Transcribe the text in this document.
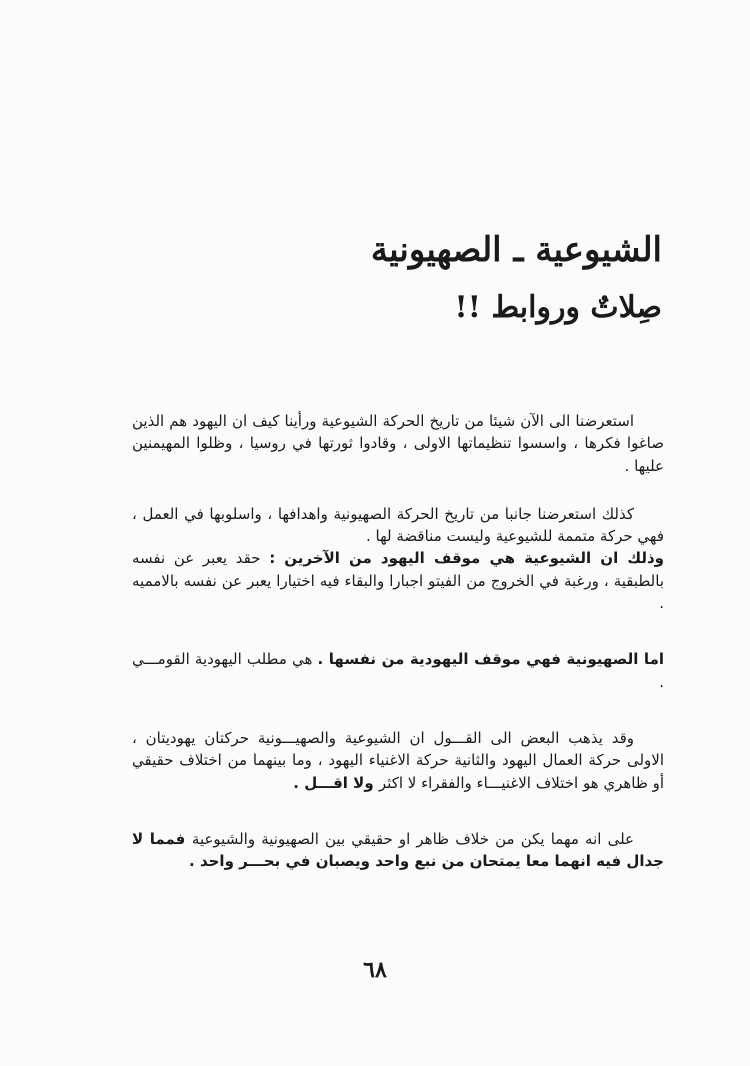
الشيوعية ـ الصهيونية
صِلاتٌ وروابط !!

استعرضنا الى الآن شيئا من تاريخ الحركة الشيوعية ورأينا كيف ان اليهود هم الذين صاغوا فكرها ، واسسوا تنظيماتها الاولى ، وقادوا ثورتها في روسيا ، وظلوا المهيمنين عليها .

كذلك استعرضنا جانبا من تاريخ الحركة الصهيونية واهدافها ، واسلوبها في العمل ، فهي حركة متممة للشيوعية وليست مناقضة لها .

وذلك ان الشيوعية هي موقف اليهود من الآخرين : حقد يعبر عن نفسه بالطبقية ، ورغبة في الخروج من الفيتو اجبارا والبقاء فيه اختيارا يعبر عن نفسه بالامميه .

اما الصهيونية فهي موقف اليهودية من نفسها . هي مطلب اليهودية القومـــي .

وقد يذهب البعض الى القـــول ان الشيوعية والصهيـــونية حركتان يهوديتان ، الاولى حركة العمال اليهود والثانية حركة الاغنياء اليهود ، وما بينهما من اختلاف حقيقي أو ظاهري هو اختلاف الاغنيـــاء والفقراء لا اكثر ولا اقـــل .

على انه مهما يكن من خلاف ظاهر او حقيقي بين الصهيونية والشيوعية فمما لا جدال فيه انهما معا يمتحان من نبع واحد ويصبان في بحـــر واحد .

٦٨
